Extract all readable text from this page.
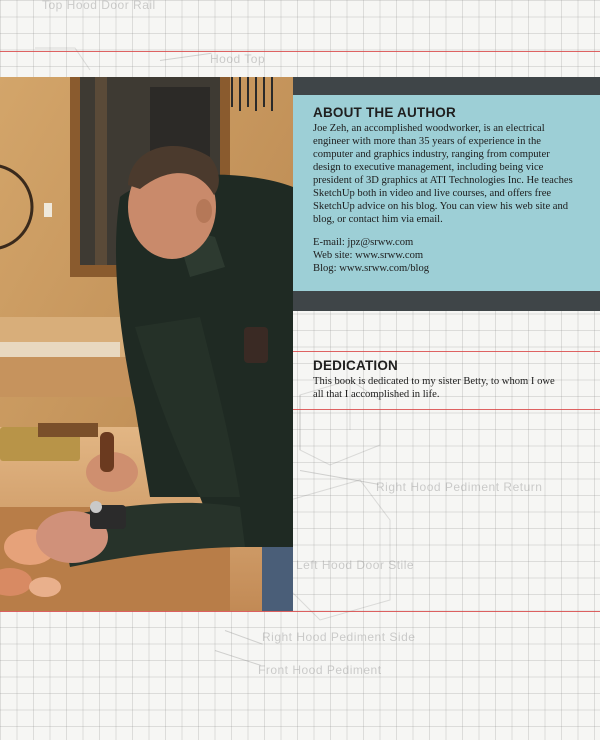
Top Hood Door Rail
Hood Top
Right Hood Pediment Return
Left Hood Door Stile
Right Hood Pediment Side
Front Hood Pediment
ABOUT THE AUTHOR

Joe Zeh, an accomplished woodworker, is an electrical engineer with more than 35 years of experience in the computer and graphics industry, ranging from computer design to executive management, including being vice president of 3D graphics at ATI Technologies Inc. He teaches SketchUp both in video and live courses, and offers free SketchUp advice on his blog. You can view his web site and blog, or contact him via email.

E-mail: jpz@srww.com
Web site: www.srww.com
Blog: www.srww.com/blog
DEDICATION

This book is dedicated to my sister Betty, to whom I owe all that I accomplished in life.
